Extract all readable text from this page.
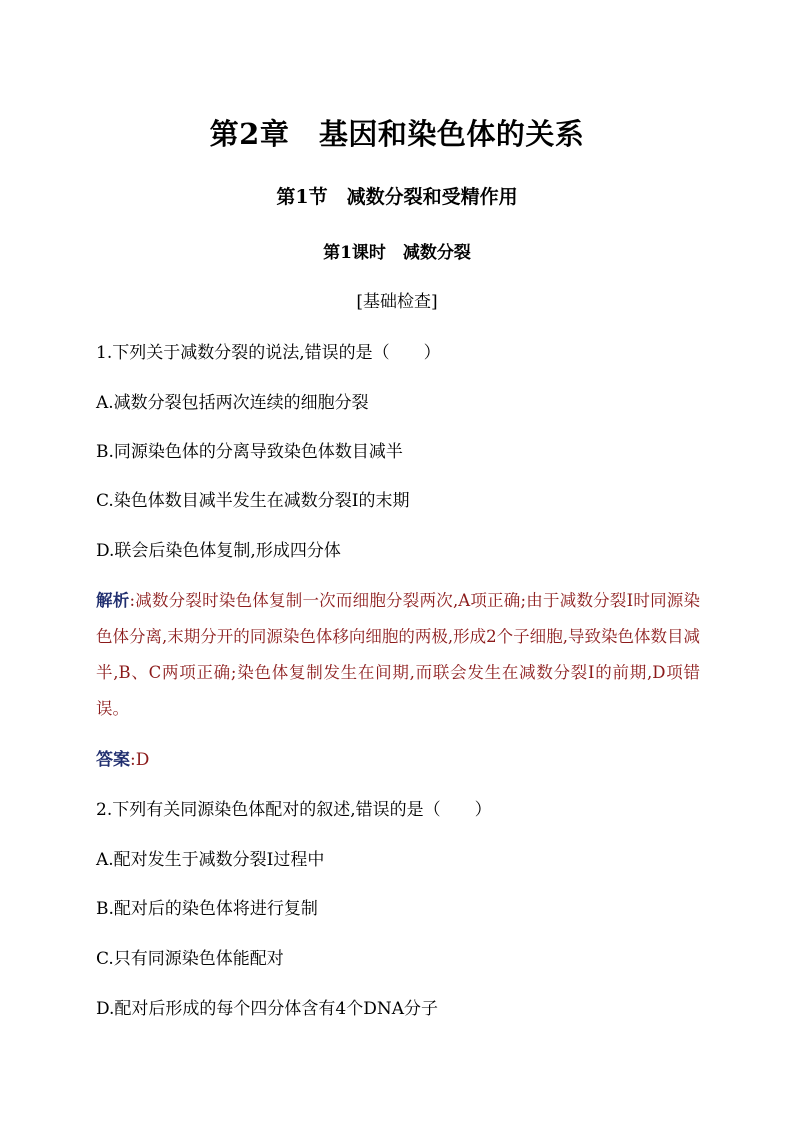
第2章　基因和染色体的关系
第1节　减数分裂和受精作用
第1课时　减数分裂
[基础检查]
1.下列关于减数分裂的说法,错误的是（　　）
A.减数分裂包括两次连续的细胞分裂
B.同源染色体的分离导致染色体数目减半
C.染色体数目减半发生在减数分裂Ⅰ的末期
D.联会后染色体复制,形成四分体
解析:减数分裂时染色体复制一次而细胞分裂两次,A项正确;由于减数分裂Ⅰ时同源染色体分离,末期分开的同源染色体移向细胞的两极,形成2个子细胞,导致染色体数目减半,B、C两项正确;染色体复制发生在间期,而联会发生在减数分裂Ⅰ的前期,D项错误。
答案:D
2.下列有关同源染色体配对的叙述,错误的是（　　）
A.配对发生于减数分裂Ⅰ过程中
B.配对后的染色体将进行复制
C.只有同源染色体能配对
D.配对后形成的每个四分体含有4个DNA分子
